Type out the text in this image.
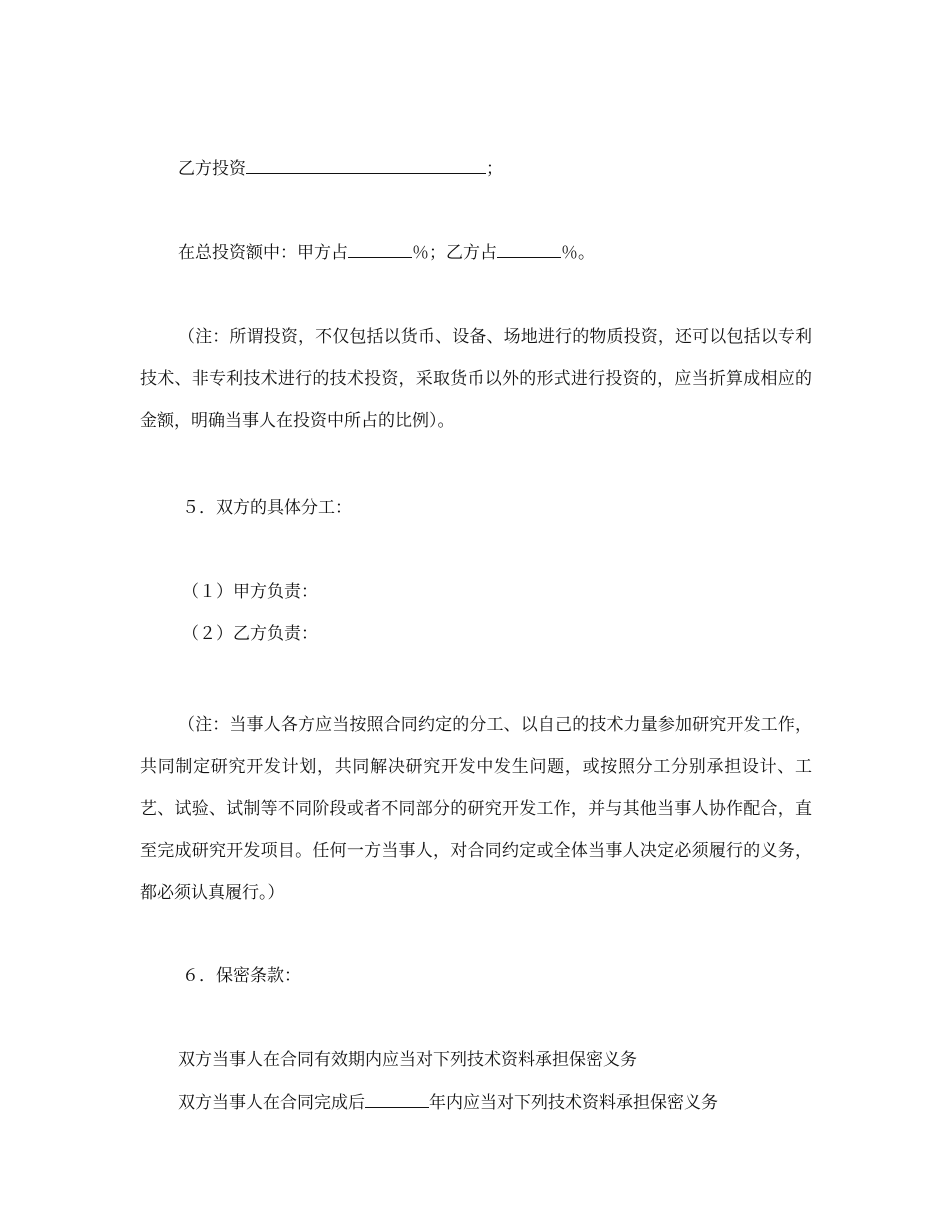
乙方投资	；
在总投资额中：甲方占	％；乙方占	％。
（注：所谓投资，不仅包括以货币、设备、场地进行的物质投资，还可以包括以专利技术、非专利技术进行的技术投资，采取货币以外的形式进行投资的，应当折算成相应的金额，明确当事人在投资中所占的比例）。
５．双方的具体分工：
（１）甲方负责：
（２）乙方负责：
（注：当事人各方应当按照合同约定的分工、以自己的技术力量参加研究开发工作，共同制定研究开发计划，共同解决研究开发中发生问题，或按照分工分别承担设计、工艺、试验、试制等不同阶段或者不同部分的研究开发工作，并与其他当事人协作配合，直至完成研究开发项目。任何一方当事人，对合同约定或全体当事人决定必须履行的义务，都必须认真履行。）
６．保密条款：
双方当事人在合同有效期内应当对下列技术资料承担保密义务
双方当事人在合同完成后	年内应当对下列技术资料承担保密义务
